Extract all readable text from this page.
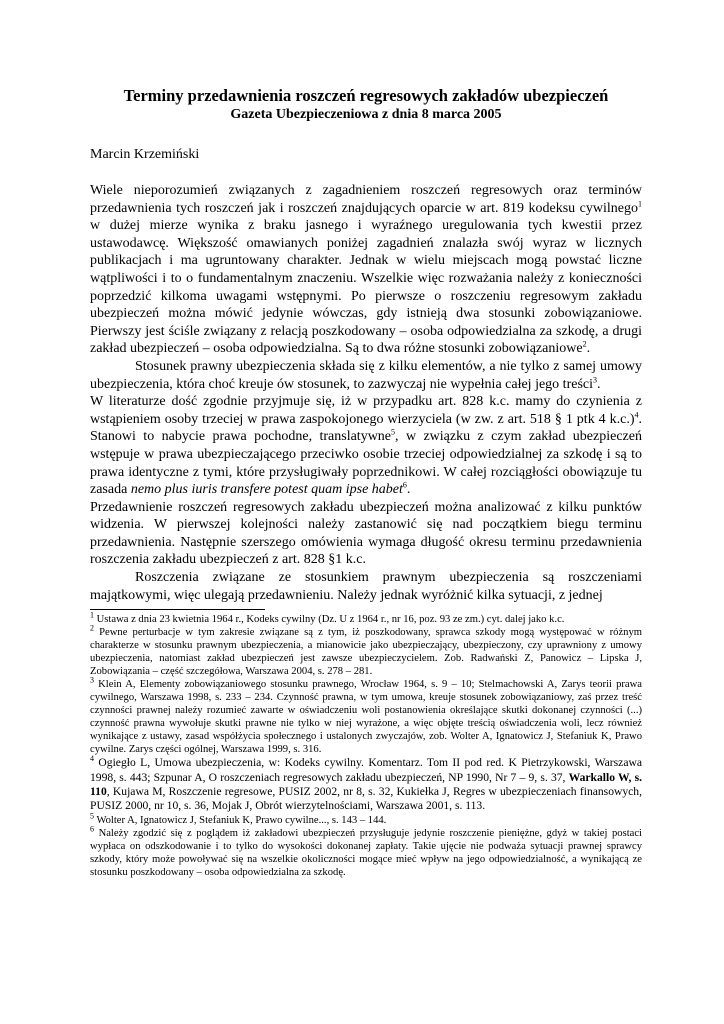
Terminy przedawnienia roszczeń regresowych zakładów ubezpieczeń
Gazeta Ubezpieczeniowa z dnia 8 marca 2005
Marcin Krzemiński

Wiele nieporozumień związanych z zagadnieniem roszczeń regresowych oraz terminów przedawnienia tych roszczeń jak i roszczeń znajdujących oparcie w art. 819 kodeksu cywilnego$^1$ w dużej mierze wynika z braku jasnego i wyraźnego uregulowania tych kwestii przez ustawodawcę. Większość omawianych poniżej zagadnień znalazła swój wyraz w licznych publikacjach i ma ugruntowany charakter. Jednak w wielu miejscach mogą powstać liczne wątpliwości i to o fundamentalnym znaczeniu. Wszelkie więc rozważania należy z konieczności poprzedzić kilkoma uwagami wstępnymi. Po pierwsze o roszczeniu regresowym zakładu ubezpieczeń można mówić jedynie wówczas, gdy istnieją dwa stosunki zobowiązaniowe. Pierwszy jest ściśle związany z relacją poszkodowany – osoba odpowiedzialna za szkodę, a drugi zakład ubezpieczeń – osoba odpowiedzialna. Są to dwa różne stosunki zobowiązaniowe$^2$.

Stosunek prawny ubezpieczenia składa się z kilku elementów, a nie tylko z samej umowy ubezpieczenia, która choć kreuje ów stosunek, to zazwyczaj nie wypełnia całej jego treści$^3$.

W literaturze dość zgodnie przyjmuje się, iż w przypadku art. 828 k.c. mamy do czynienia z wstąpieniem osoby trzeciej w prawa zaspokojonego wierzyciela (w zw. z art. 518 § 1 ptk 4 k.c.)$^4$. Stanowi to nabycie prawa pochodne, translatywne$^5$, w związku z czym zakład ubezpieczeń wstępuje w prawa ubezpieczającego przeciwko osobie trzeciej odpowiedzialnej za szkodę i są to prawa identyczne z tymi, które przysługiwały poprzednikowi. W całej rozciągłości obowiązuje tu zasada nemo plus iuris transfere potest quam ipse habet$^6$.

Przedawnienie roszczeń regresowych zakładu ubezpieczeń można analizować z kilku punktów widzenia. W pierwszej kolejności należy zastanowić się nad początkiem biegu terminu przedawnienia. Następnie szerszego omówienia wymaga długość okresu terminu przedawnienia roszczenia zakładu ubezpieczeń z art. 828 §1 k.c.

Roszczenia związane ze stosunkiem prawnym ubezpieczenia są roszczeniami majątkowymi, więc ulegają przedawnieniu. Należy jednak wyróżnić kilka sytuacji, z jednej

$^1$ Ustawa z dnia 23 kwietnia 1964 r., Kodeks cywilny (Dz. U z 1964 r., nr 16, poz. 93 ze zm.) cyt. dalej jako k.c.

$^2$ Pewne perturbacje w tym zakresie związane są z tym, iż poszkodowany, sprawca szkody mogą występować w różnym charakterze w stosunku prawnym ubezpieczenia, a mianowicie jako ubezpieczający, ubezpieczony, czy uprawniony z umowy ubezpieczenia, natomiast zakład ubezpieczeń jest zawsze ubezpieczycielem. Zob. Radwański Z, Panowicz – Lipska J, Zobowiązania – część szczegółowa, Warszawa 2004, s. 278 – 281.

$^3$ Klein A, Elementy zobowiązaniowego stosunku prawnego, Wrocław 1964, s. 9 – 10; Stelmachowski A, Zarys teorii prawa cywilnego, Warszawa 1998, s. 233 – 234. Czynność prawna, w tym umowa, kreuje stosunek zobowiązaniowy, zaś przez treść czynności prawnej należy rozumieć zawarte w oświadczeniu woli postanowienia określające skutki dokonanej czynności (...) czynność prawna wywołuje skutki prawne nie tylko w niej wyrażone, a więc objęte treścią oświadczenia woli, lecz również wynikające z ustawy, zasad współżycia społecznego i ustalonych zwyczajów, zob. Wolter A, Ignatowicz J, Stefaniuk K, Prawo cywilne. Zarys części ogólnej, Warszawa 1999, s. 316.

$^4$ Ogiegło L, Umowa ubezpieczenia, w: Kodeks cywilny. Komentarz. Tom II pod red. K Pietrzykowski, Warszawa 1998, s. 443; Szpunar A, O roszczeniach regresowych zakładu ubezpieczeń, NP 1990, Nr 7 – 9, s. 37, Warkallo W, s. 110, Kujawa M, Roszczenie regresowe, PUSIZ 2002, nr 8, s. 32, Kukiełka J, Regres w ubezpieczeniach finansowych, PUSIZ 2000, nr 10, s. 36, Mojak J, Obrót wierzytelnościami, Warszawa 2001, s. 113.

$^5$ Wolter A, Ignatowicz J, Stefaniuk K, Prawo cywilne..., s. 143 – 144.

$^6$ Należy zgodzić się z poglądem iż zakładowi ubezpieczeń przysługuje jedynie roszczenie pieniężne, gdyż w takiej postaci wypłaca on odszkodowanie i to tylko do wysokości dokonanej zapłaty. Takie ujęcie nie podważa sytuacji prawnej sprawcy szkody, który może powoływać się na wszelkie okoliczności mogące mieć wpływ na jego odpowiedzialność, a wynikającą ze stosunku poszkodowany – osoba odpowiedzialna za szkodę.
